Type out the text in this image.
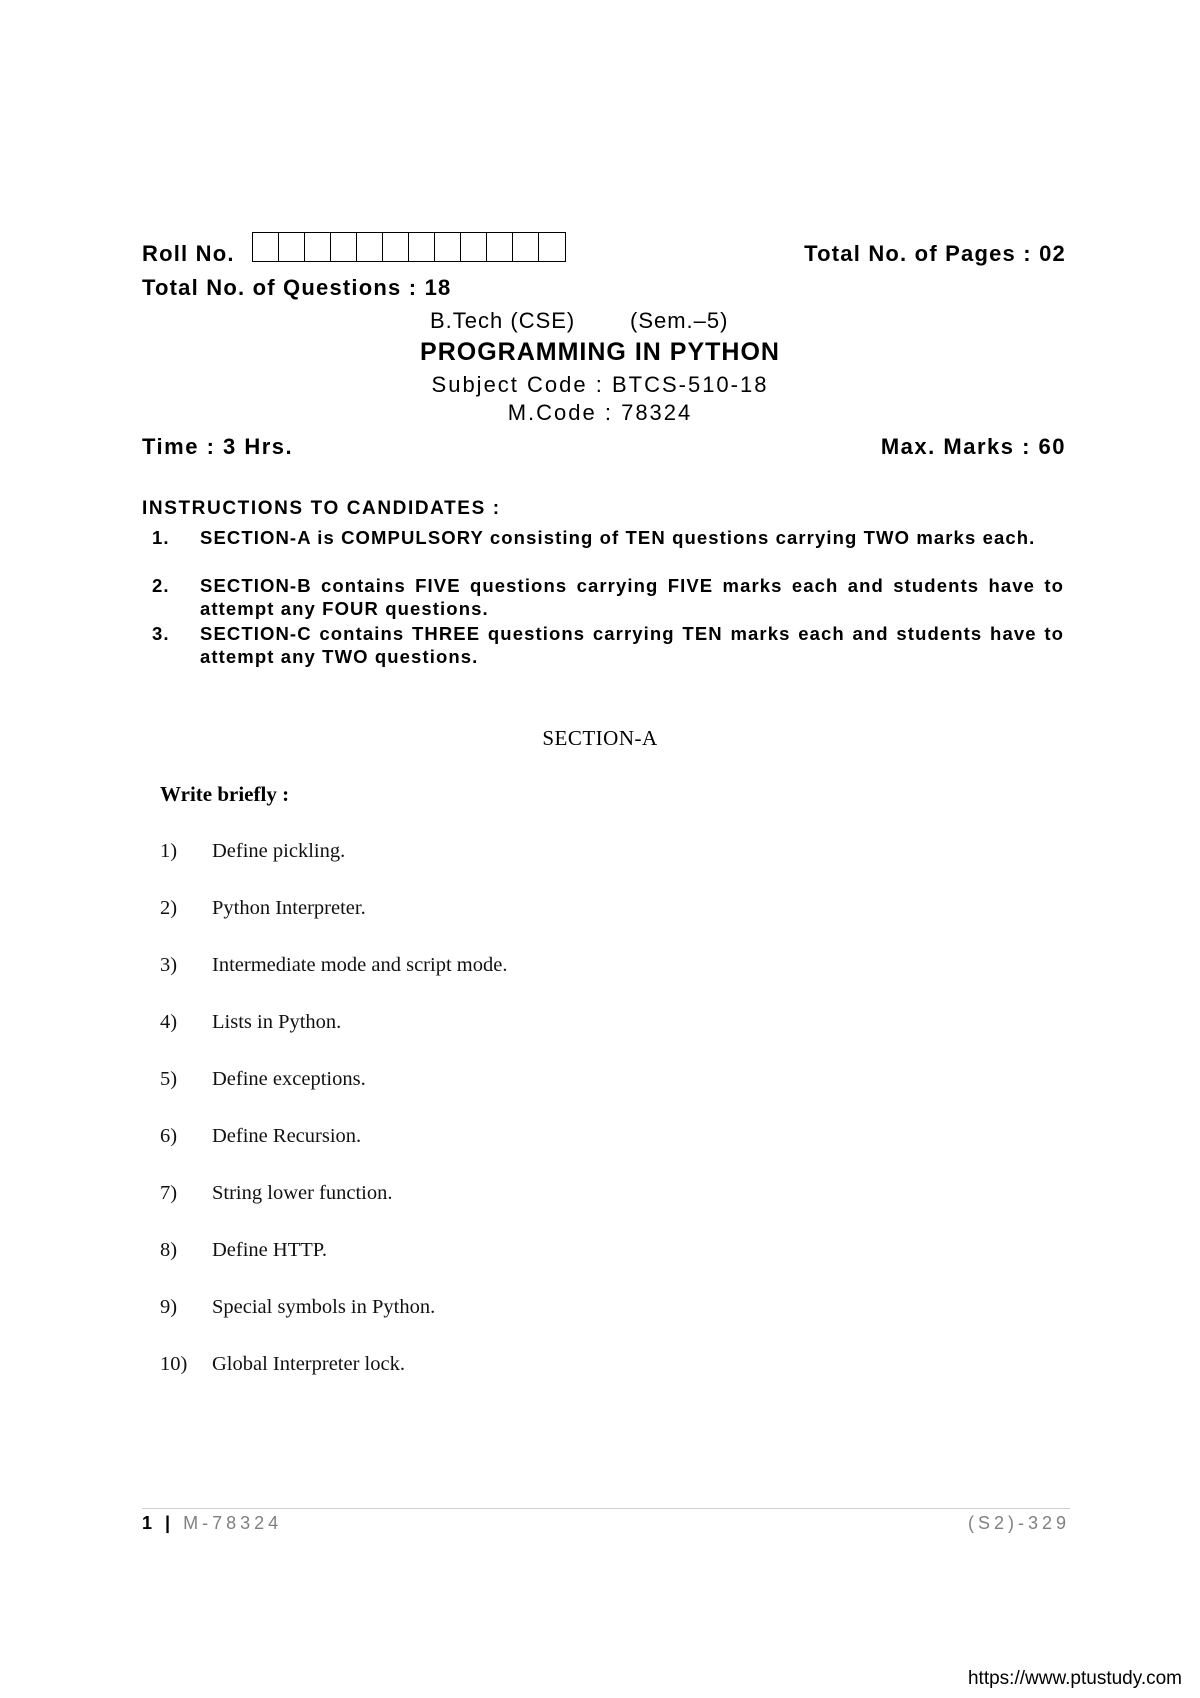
Roll No.	Total No. of Pages : 02
Total No. of Questions : 18
B.Tech (CSE) (Sem.–5)
PROGRAMMING IN PYTHON
Subject Code : BTCS-510-18
M.Code : 78324
Time : 3 Hrs.	Max. Marks : 60
INSTRUCTIONS TO CANDIDATES :
1. SECTION-A is COMPULSORY consisting of TEN questions carrying TWO marks each.
2. SECTION-B contains FIVE questions carrying FIVE marks each and students have to attempt any FOUR questions.
3. SECTION-C contains THREE questions carrying TEN marks each and students have to attempt any TWO questions.
SECTION-A
Write briefly :
1) Define pickling.
2) Python Interpreter.
3) Intermediate mode and script mode.
4) Lists in Python.
5) Define exceptions.
6) Define Recursion.
7) String lower function.
8) Define HTTP.
9) Special symbols in Python.
10) Global Interpreter lock.
1 | M-78324	(S2)-329
https://www.ptustudy.com
